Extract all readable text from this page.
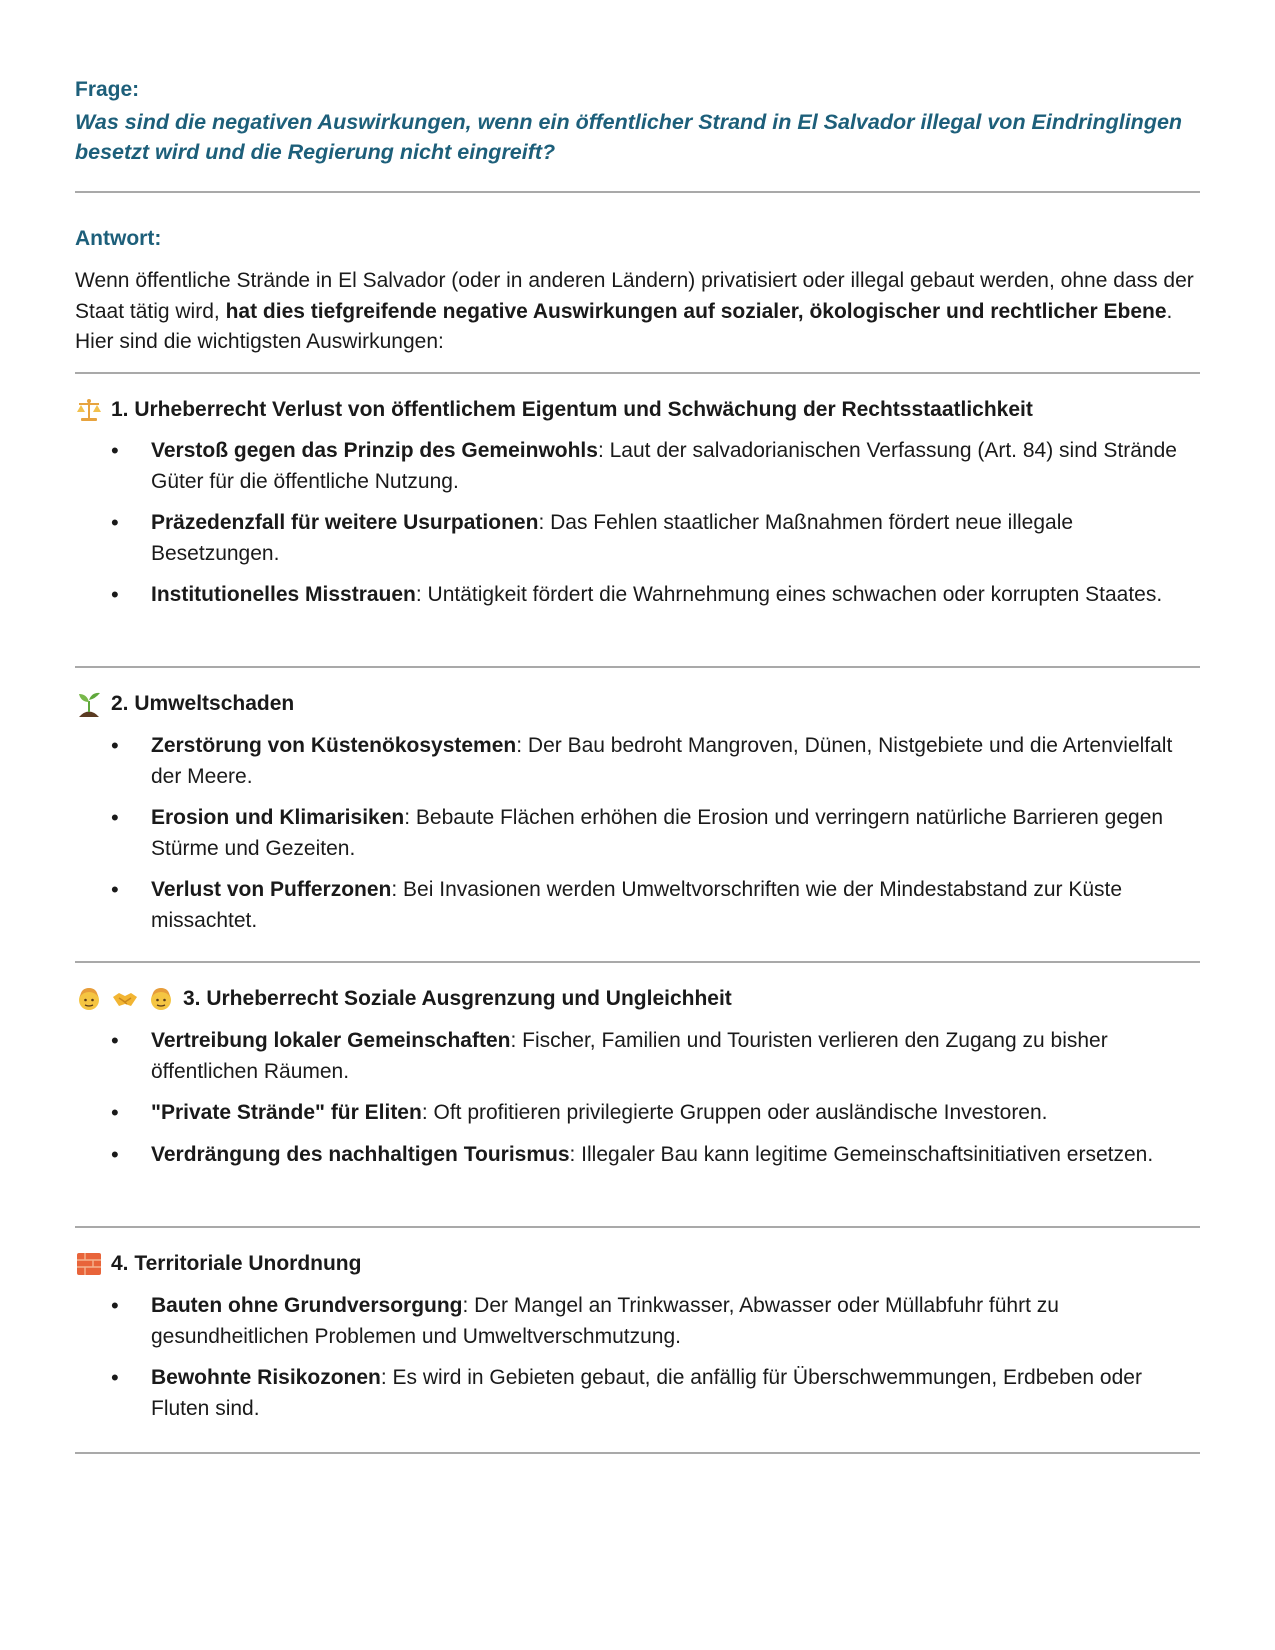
Frage:
Was sind die negativen Auswirkungen, wenn ein öffentlicher Strand in El Salvador illegal von Eindringlingen besetzt wird und die Regierung nicht eingreift?
Antwort:
Wenn öffentliche Strände in El Salvador (oder in anderen Ländern) privatisiert oder illegal gebaut werden, ohne dass der Staat tätig wird, hat dies tiefgreifende negative Auswirkungen auf sozialer, ökologischer und rechtlicher Ebene. Hier sind die wichtigsten Auswirkungen:
1. Urheberrecht Verlust von öffentlichem Eigentum und Schwächung der Rechtsstaatlichkeit
• Verstoß gegen das Prinzip des Gemeinwohls: Laut der salvadorianischen Verfassung (Art. 84) sind Strände Güter für die öffentliche Nutzung.
• Präzedenzfall für weitere Usurpationen: Das Fehlen staatlicher Maßnahmen fördert neue illegale Besetzungen.
• Institutionelles Misstrauen: Untätigkeit fördert die Wahrnehmung eines schwachen oder korrupten Staates.
2. Umweltschaden
• Zerstörung von Küstenökosystemen: Der Bau bedroht Mangroven, Dünen, Nistgebiete und die Artenvielfalt der Meere.
• Erosion und Klimarisiken: Bebaute Flächen erhöhen die Erosion und verringern natürliche Barrieren gegen Stürme und Gezeiten.
• Verlust von Pufferzonen: Bei Invasionen werden Umweltvorschriften wie der Mindestabstand zur Küste missachtet.
3. Urheberrecht Soziale Ausgrenzung und Ungleichheit
• Vertreibung lokaler Gemeinschaften: Fischer, Familien und Touristen verlieren den Zugang zu bisher öffentlichen Räumen.
• "Private Strände" für Eliten: Oft profitieren privilegierte Gruppen oder ausländische Investoren.
• Verdrängung des nachhaltigen Tourismus: Illegaler Bau kann legitime Gemeinschaftsinitiativen ersetzen.
4. Territoriale Unordnung
• Bauten ohne Grundversorgung: Der Mangel an Trinkwasser, Abwasser oder Müllabfuhr führt zu gesundheitlichen Problemen und Umweltverschmutzung.
• Bewohnte Risikozonen: Es wird in Gebieten gebaut, die anfällig für Überschwemmungen, Erdbeben oder Fluten sind.
